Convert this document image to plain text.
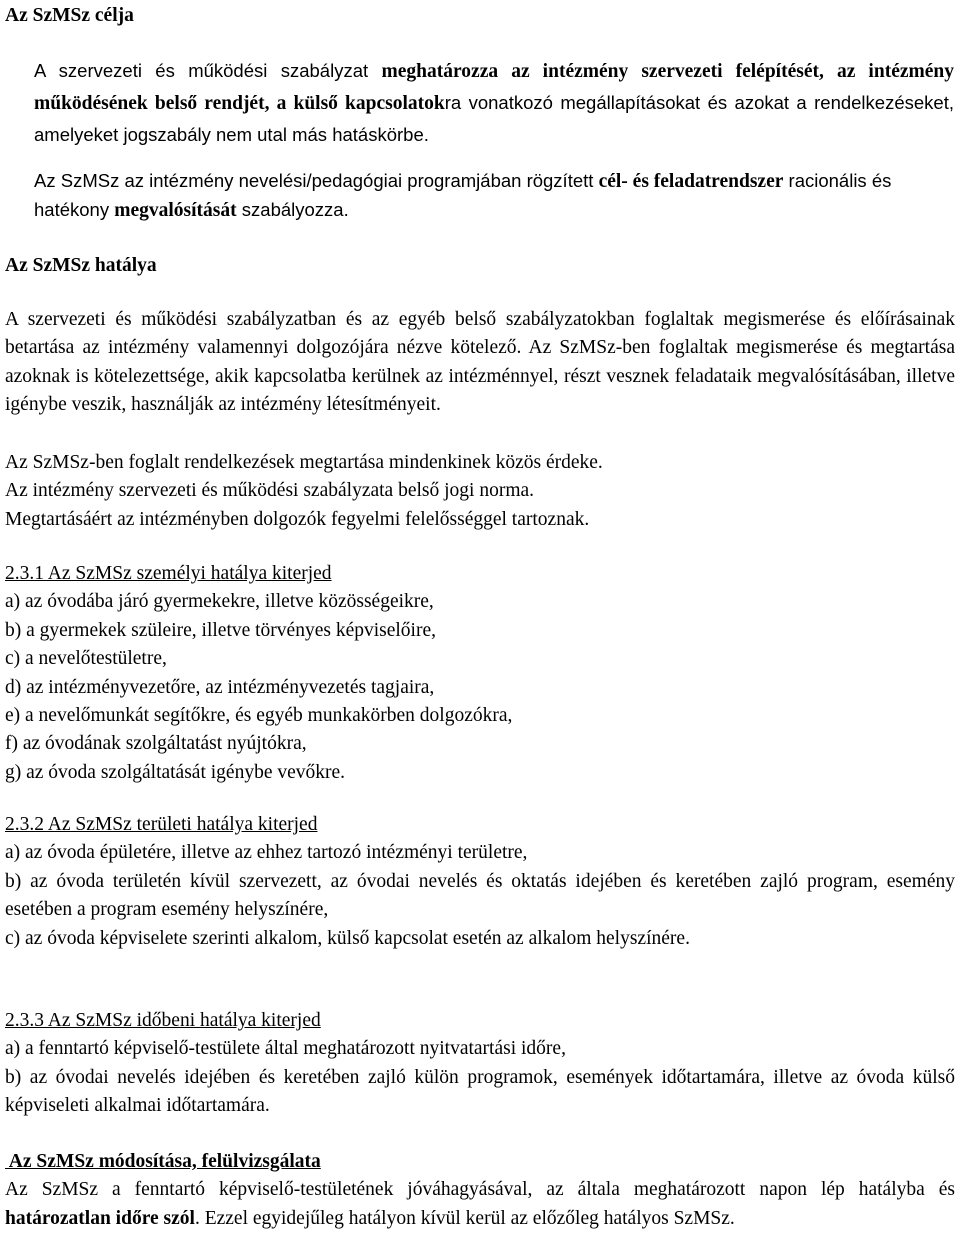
Az SzMSz célja
A szervezeti és működési szabályzat meghatározza az intézmény szervezeti felépítését, az intézmény működésének belső rendjét, a külső kapcsolatokra vonatkozó megállapításokat és azokat a rendelkezéseket, amelyeket jogszabály nem utal más hatáskörbe.
Az SzMSz az intézmény nevelési/pedagógiai programjában rögzített cél- és feladatrendszer racionális és hatékony megvalósítását szabályozza.
Az SzMSz hatálya
A szervezeti és működési szabályzatban és az egyéb belső szabályzatokban foglaltak megismerése és előírásainak betartása az intézmény valamennyi dolgozójára nézve kötelező. Az SzMSz-ben foglaltak megismerése és megtartása azoknak is kötelezettsége, akik kapcsolatba kerülnek az intézménnyel, részt vesznek feladataik megvalósításában, illetve igénybe veszik, használják az intézmény létesítményeit.
Az SzMSz-ben foglalt rendelkezések megtartása mindenkinek közös érdeke.
Az intézmény szervezeti és működési szabályzata belső jogi norma.
Megtartásáért az intézményben dolgozók fegyelmi felelősséggel tartoznak.
2.3.1 Az SzMSz személyi hatálya kiterjed
a) az óvodába járó gyermekekre, illetve közösségeikre,
b) a gyermekek szüleire, illetve törvényes képviselőire,
c) a nevelőtestületre,
d) az intézményvezetőre, az intézményvezetés tagjaira,
e) a nevelőmunkát segítőkre, és egyéb munkakörben dolgozókra,
f) az óvodának szolgáltatást nyújtókra,
g) az óvoda szolgáltatását igénybe vevőkre.
2.3.2 Az SzMSz területi hatálya kiterjed
a) az óvoda épületére, illetve az ehhez tartozó intézményi területre,
b) az óvoda területén kívül szervezett, az óvodai nevelés és oktatás idejében és keretében zajló program, esemény esetében a program esemény helyszínére,
c) az óvoda képviselete szerinti alkalom, külső kapcsolat esetén az alkalom helyszínére.
2.3.3 Az SzMSz időbeni hatálya kiterjed
a) a fenntartó képviselő-testülete által meghatározott nyitvatartási időre,
b) az óvodai nevelés idejében és keretében zajló külön programok, események időtartamára, illetve az óvoda külső képviseleti alkalmai időtartamára.
Az SzMSz módosítása, felülvizsgálata
Az SzMSz a fenntartó képviselő-testületének jóváhagyásával, az általa meghatározott napon lép hatályba és határozatlan időre szól. Ezzel egyidejűleg hatályon kívül kerül az előzőleg hatályos SzMSz.
